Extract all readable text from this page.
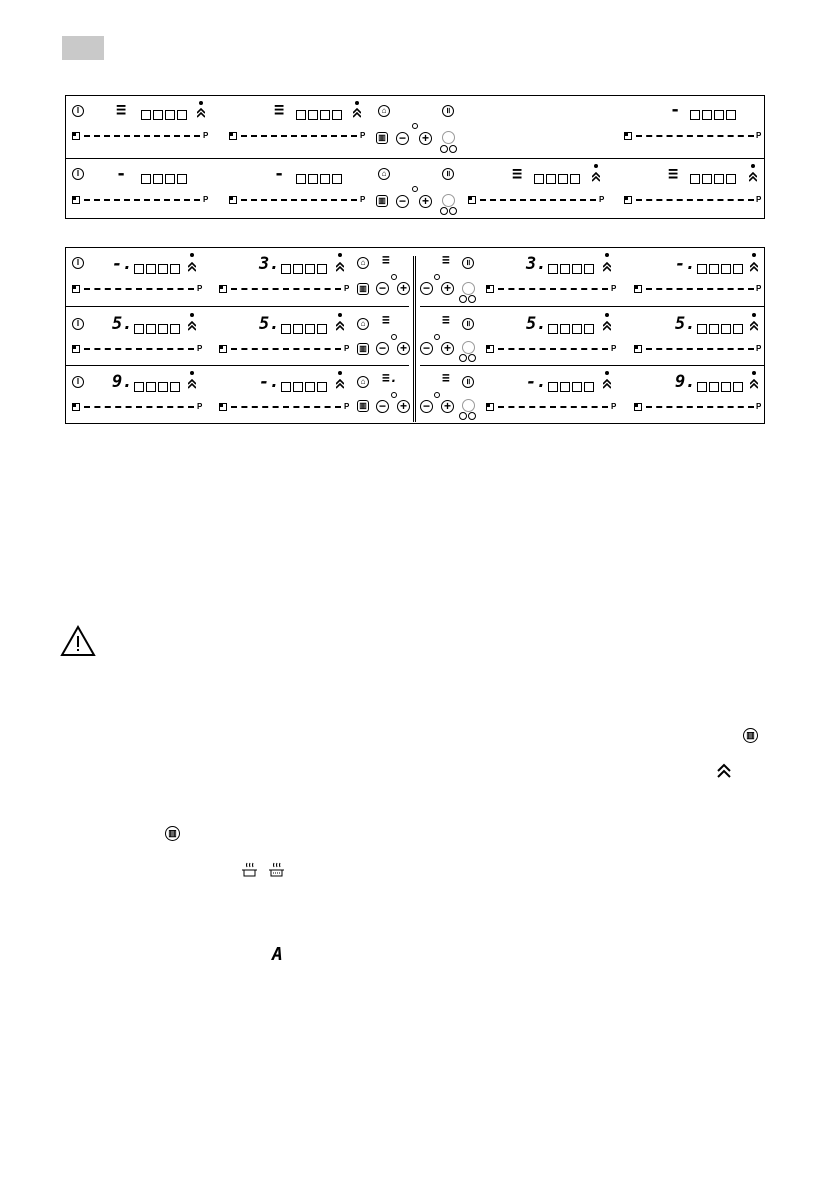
I ≡	≡	⌂	॥	-
P	P ▥ − +	P
I -	-	⌂	॥	≡	≡
P	P ▥ − +	P	P
I -.	3.	⌂ ≡
P	P ▥ − +
I 5.	5.	⌂ ≡
P	P ▥ − +
I 9.	-.	⌂ ≡.
P	P ▥ − +
≡	॥	3.	-.
− +	P	P
≡	॥	5.	5.
− +	P	P
≡	॥	-.	9.
− +	P	P
▥
▥
A
